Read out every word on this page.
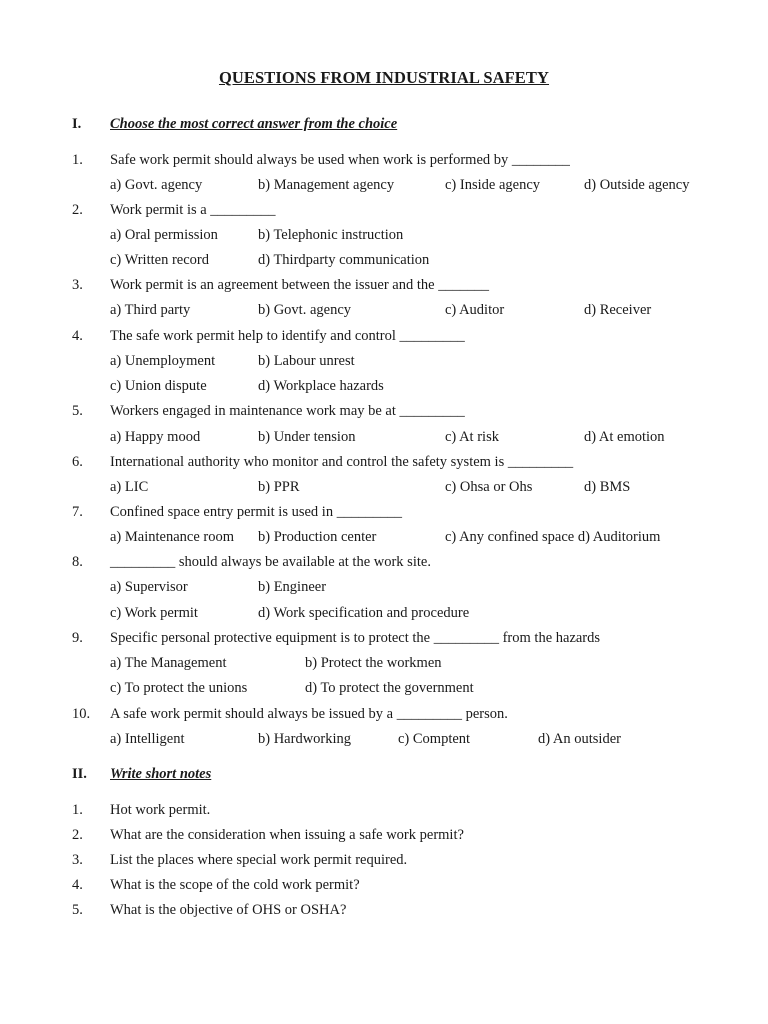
QUESTIONS FROM INDUSTRIAL SAFETY
I. Choose the most correct answer from the choice
1. Safe work permit should always be used when work is performed by ________
a) Govt. agency	b) Management agency	c) Inside agency	d) Outside agency
2. Work permit is a _________
a) Oral permission	b) Telephonic instruction
c) Written record	d) Thirdparty communication
3. Work permit is an agreement between the issuer and the _______
a) Third party	b) Govt. agency	c) Auditor	d) Receiver
4. The safe work permit help to identify and control _________
a) Unemployment	b) Labour unrest
c) Union dispute	d) Workplace hazards
5. Workers engaged in maintenance work may be at _________
a) Happy mood	b) Under tension	c) At risk	d) At emotion
6. International authority who monitor and control the safety system is _________
a) LIC	b) PPR	c) Ohsa or Ohs	d) BMS
7. Confined space entry permit is used in _________
a) Maintenance room b) Production center	c) Any confined space d) Auditorium
8. _________ should always be available at the work site.
a) Supervisor	b) Engineer
c) Work permit	d) Work specification and procedure
9. Specific personal protective equipment is to protect the _________ from the hazards
a) The Management	b) Protect the workmen
c) To protect the unions	d) To protect the government
10. A safe work permit should always be issued by a _________ person.
a) Intelligent	b) Hardworking	c) Comptent	d) An outsider
II. Write short notes
1. Hot work permit.
2. What are the consideration when issuing a safe work permit?
3. List the places where special work permit required.
4. What is the scope of the cold work permit?
5. What is the objective of OHS or OSHA?
